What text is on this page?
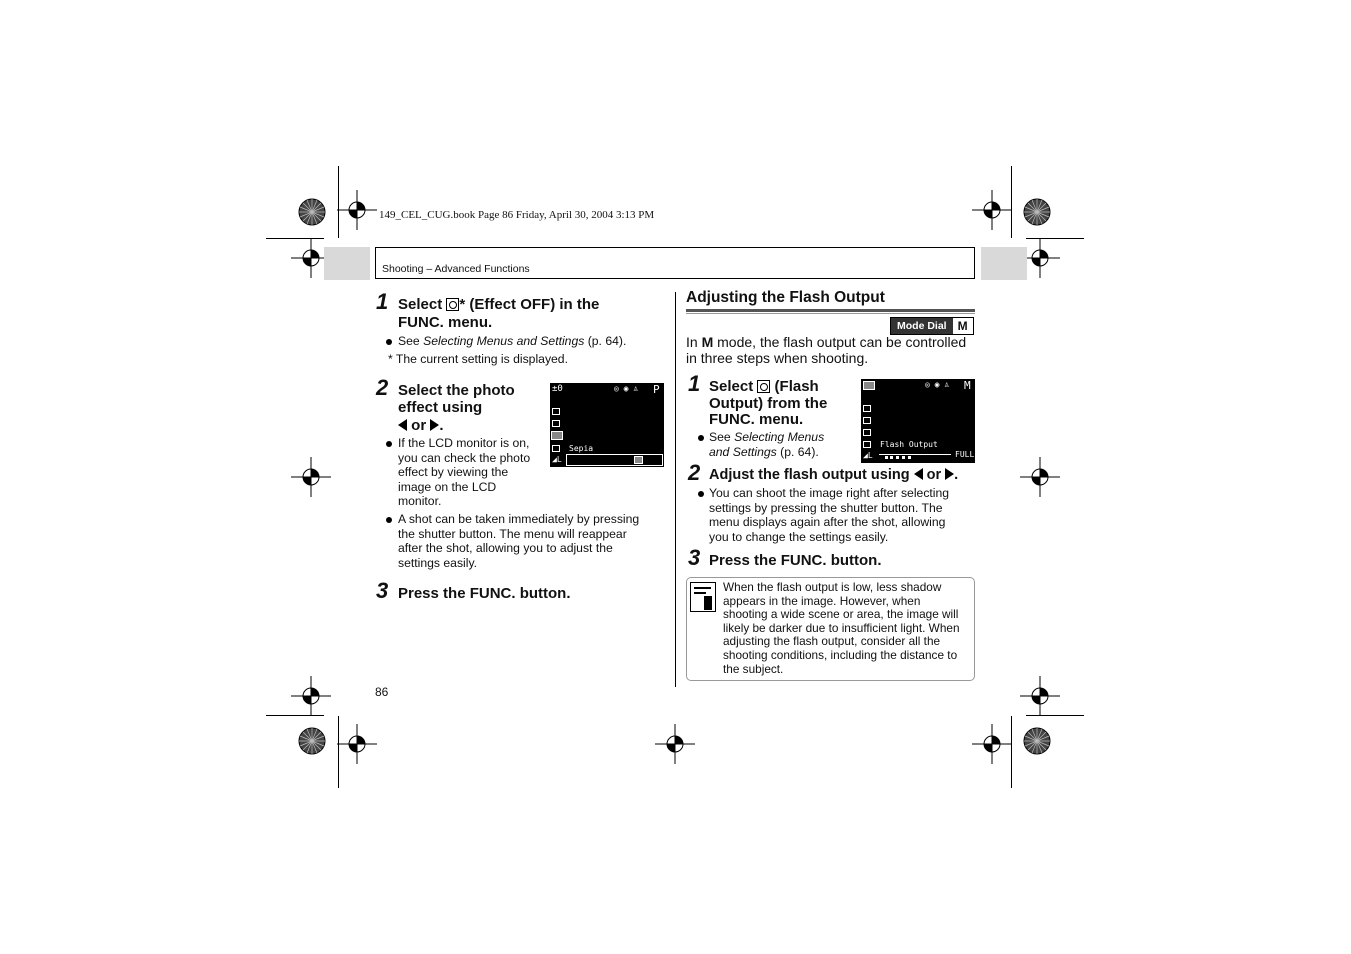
149_CEL_CUG.book Page 86 Friday, April 30, 2004 3:13 PM
Shooting – Advanced Functions
1 Select * (Effect OFF) in the
FUNC. menu.
See Selecting Menus and Settings (p. 64).
* The current setting is displayed.
2 Select the photo
effect using
or .
±0	◎ ◉ ♙ P
◢L
Sepia
If the LCD monitor is on,
you can check the photo
effect by viewing the
image on the LCD
monitor.
A shot can be taken immediately by pressing
the shutter button. The menu will reappear
after the shot, allowing you to adjust the
settings easily.
3 Press the FUNC. button.
Adjusting the Flash Output
Mode Dial M
In M mode, the flash output can be controlled
in three steps when shooting.
1 Select  (Flash
Output) from the
FUNC. menu.
See Selecting Menus
and Settings (p. 64).
◎ ◉ ♙ M
◢L
Flash Output
FULL
2 Adjust the flash output using  or .
You can shoot the image right after selecting
settings by pressing the shutter button. The
menu displays again after the shot, allowing
you to change the settings easily.
3 Press the FUNC. button.
When the flash output is low, less shadow
appears in the image. However, when
shooting a wide scene or area, the image will
likely be darker due to insufficient light. When
adjusting the flash output, consider all the
shooting conditions, including the distance to
the subject.
86
